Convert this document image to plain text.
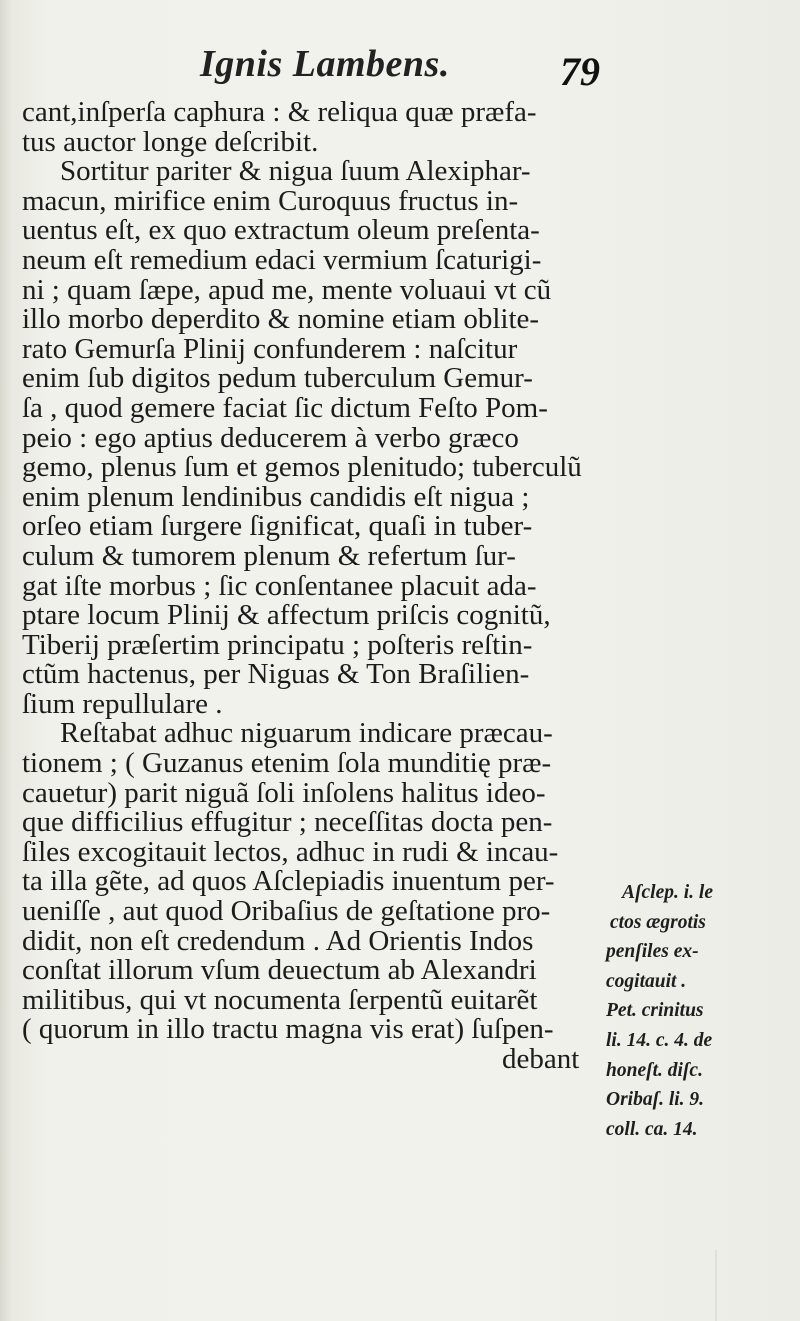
Ignis Lambens.	79
cant,inſperſa caphura : & reliqua quæ præfa-
tus auctor longe deſcribit.
Sortitur pariter & nigua ſuum Alexiphar-
macun, mirifice enim Curoquus fructus in-
uentus eſt, ex quo extractum oleum preſenta-
neum eſt remedium edaci vermium ſcaturigi-
ni ; quam ſæpe, apud me, mente voluaui vt cũ
illo morbo deperdito & nomine etiam oblite-
rato Gemurſa Plinij confunderem : naſcitur
enim ſub digitos pedum tuberculum Gemur-
ſa , quod gemere faciat ſic dictum Feſto Pom-
peio : ego aptius deducerem à verbo græco
gemo, plenus ſum et gemos plenitudo; tuberculũ
enim plenum lendinibus candidis eſt nigua ;
orſeo etiam ſurgere ſignificat, quaſi in tuber-
culum & tumorem plenum & refertum ſur-
gat iſte morbus ; ſic conſentanee placuit ada-
ptare locum Plinij & affectum priſcis cognitũ,
Tiberij præſertim principatu ; poſteris reſtin-
ctũm hactenus, per Niguas & Ton Braſilien-
ſium repullulare .
Reſtabat adhuc niguarum indicare præcau-
tionem ; ( Guzanus etenim ſola munditię præ-
cauetur) parit niguã ſoli inſolens halitus ideo-
que difficilius effugitur ; neceſſitas docta pen-
ſiles excogitauit lectos, adhuc in rudi & incau-
ta illa gẽte, ad quos Aſclepiadis inuentum per-
ueniſſe , aut quod Oribaſius de geſtatione pro-
didit, non eſt credendum . Ad Orientis Indos
conſtat illorum vſum deuectum ab Alexandri
militibus, qui vt nocumenta ſerpentũ euitarẽt
( quorum in illo tractu magna vis erat) ſuſpen-
debant
Aſclep. i. le
ctos ægrotis
penſiles ex-
cogitauit .
Pet. crinitus
li. 14. c. 4. de
honeſt. diſc.
Oribaſ. li. 9.
coll. ca. 14.
